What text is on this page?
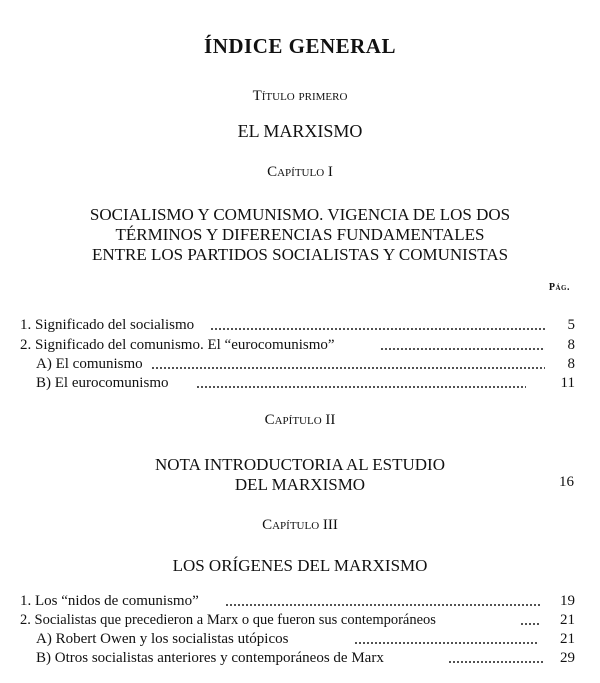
ÍNDICE GENERAL
Título primero
EL MARXISMO
Capítulo I
SOCIALISMO Y COMUNISMO. VIGENCIA DE LOS DOS
TÉRMINOS Y DIFERENCIAS FUNDAMENTALES
ENTRE LOS PARTIDOS SOCIALISTAS Y COMUNISTAS
Pág.
1. Significado del socialismo	5
2. Significado del comunismo. El “eurocomunismo”	8
A) El comunismo	8
B) El eurocomunismo	11
Capítulo II
NOTA INTRODUCTORIA AL ESTUDIO
DEL MARXISMO	16
Capítulo III
LOS ORÍGENES DEL MARXISMO
1. Los “nidos de comunismo”	19
2. Socialistas que precedieron a Marx o que fueron sus contemporáneos	21
A) Robert Owen y los socialistas utópicos	21
B) Otros socialistas anteriores y contemporáneos de Marx	29
